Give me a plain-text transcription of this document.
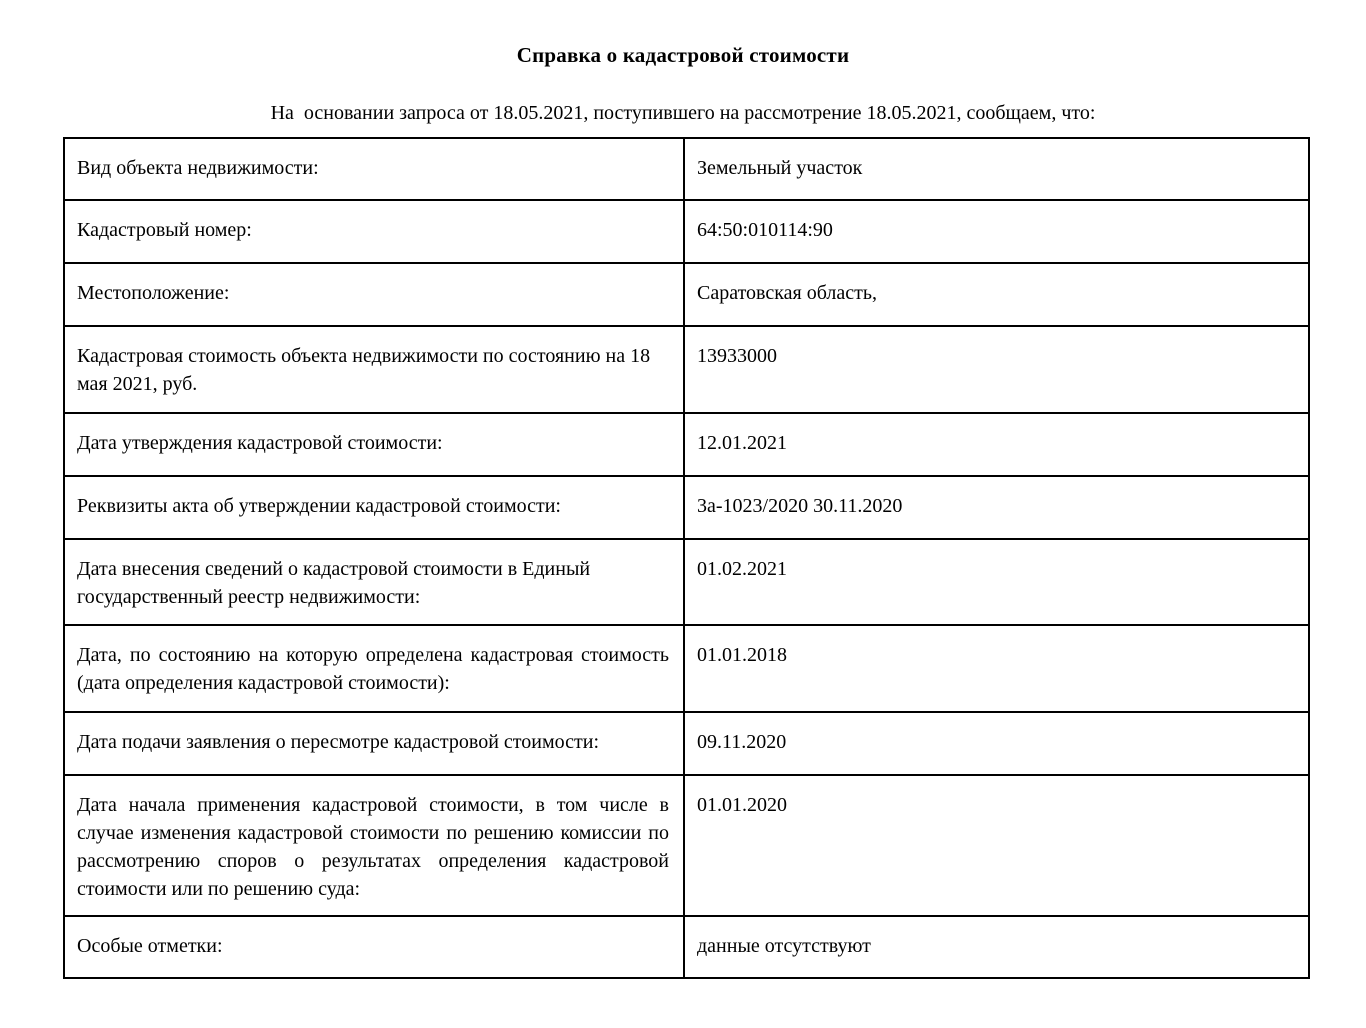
Справка о кадастровой стоимости
На  основании запроса от 18.05.2021, поступившего на рассмотрение 18.05.2021, сообщаем, что:
Вид объекта недвижимости:	Земельный участок
Кадастровый номер:	64:50:010114:90
Местоположение:	Саратовская область,
Кадастровая стоимость объекта недвижимости по состоянию на 18 мая 2021, руб.	13933000
Дата утверждения кадастровой стоимости:	12.01.2021
Реквизиты акта об утверждении кадастровой стоимости:	3а-1023/2020 30.11.2020
Дата внесения сведений о кадастровой стоимости в Единый государственный реестр недвижимости:	01.02.2021
Дата, по состоянию на которую определена кадастровая стоимость (дата определения кадастровой стоимости):	01.01.2018
Дата подачи заявления о пересмотре кадастровой стоимости:	09.11.2020
Дата начала применения кадастровой стоимости, в том числе в случае изменения кадастровой стоимости по решению комиссии по рассмотрению споров о результатах определения кадастровой стоимости или по решению суда:	01.01.2020
Особые отметки:	данные отсутствуют
